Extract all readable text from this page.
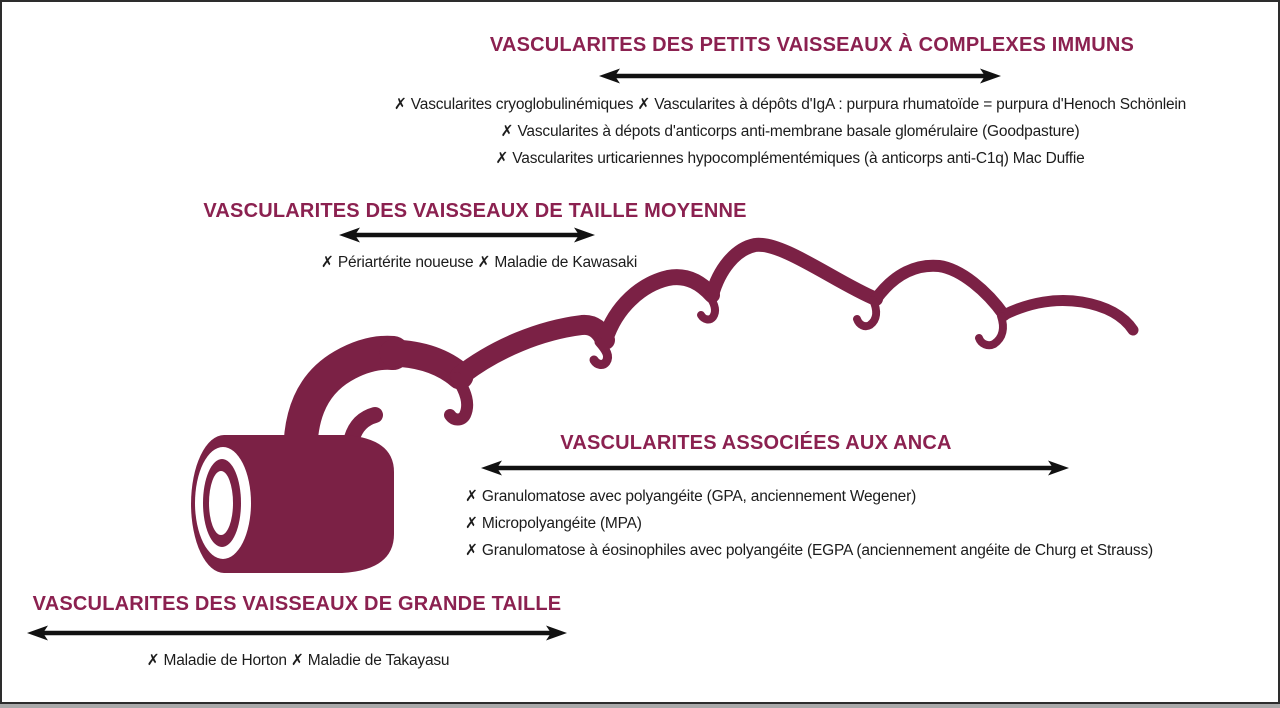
VASCULARITES DES PETITS VAISSEAUX À COMPLEXES IMMUNS
✗ Vascularites cryoglobulinémiques ✗ Vascularites à dépôts d'IgA : purpura rhumatoïde = purpura d'Henoch Schönlein
✗ Vascularites à dépots d'anticorps anti-membrane basale glomérulaire (Goodpasture)
✗ Vascularites urticariennes hypocomplémentémiques (à anticorps anti-C1q) Mac Duffie
VASCULARITES DES VAISSEAUX DE TAILLE MOYENNE
✗ Périartérite noueuse ✗ Maladie de Kawasaki
VASCULARITES ASSOCIÉES AUX ANCA
✗ Granulomatose avec polyangéite (GPA, anciennement Wegener)
✗ Micropolyangéite (MPA)
✗ Granulomatose à éosinophiles avec polyangéite (EGPA (anciennement angéite de Churg et Strauss)
VASCULARITES DES VAISSEAUX DE GRANDE TAILLE
✗ Maladie de Horton ✗ Maladie de Takayasu
